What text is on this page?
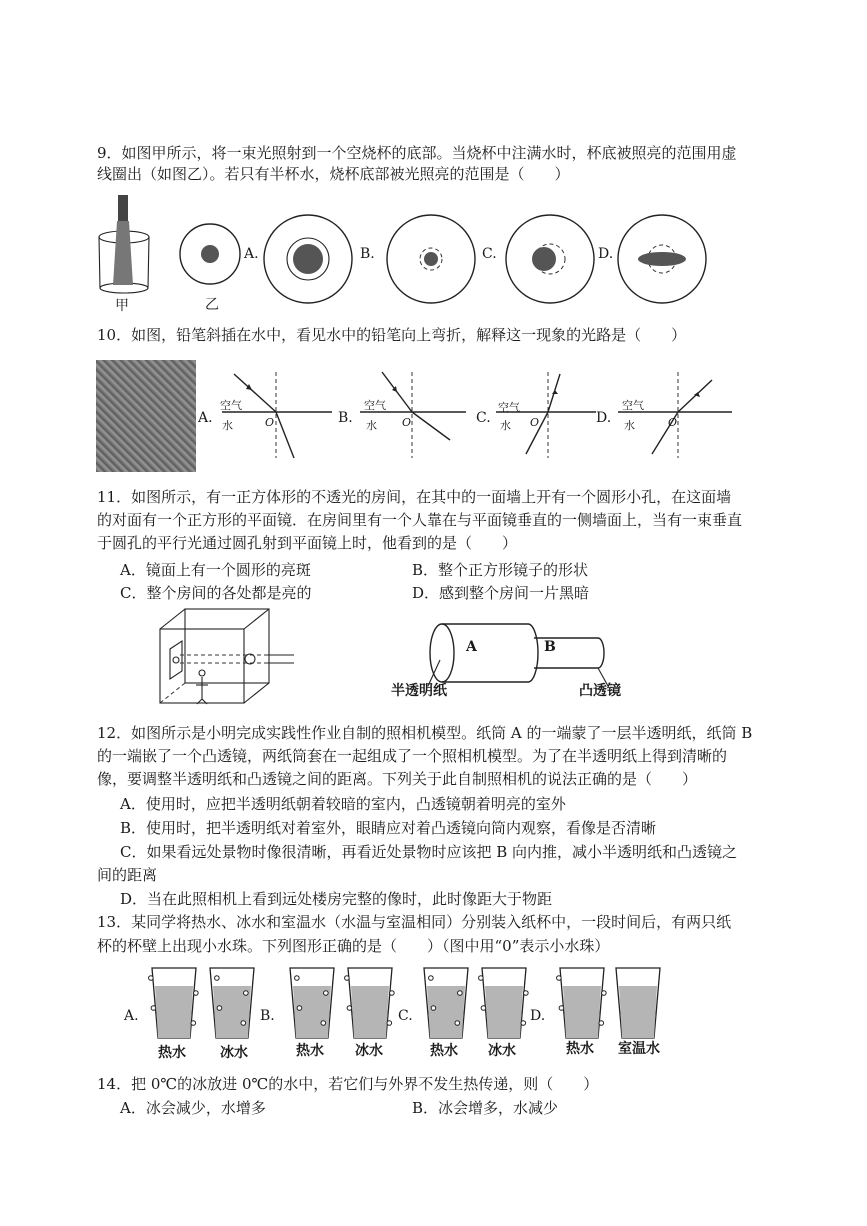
9．如图甲所示，将一束光照射到一个空烧杯的底部。当烧杯中注满水时，杯底被照亮的范围用虚
线圈出（如图乙）。若只有半杯水，烧杯底部被光照亮的范围是（　　）
甲	乙
A.	B.	C.	D.
10．如图，铅笔斜插在水中，看见水中的铅笔向上弯折，解释这一现象的光路是（　　）
A.
空气
水	O	B.
空气
水 O	C.
空气
水 O	D.
空气
水	O
11．如图所示，有一正方体形的不透光的房间，在其中的一面墙上开有一个圆形小孔，在这面墙
的对面有一个正方形的平面镜．在房间里有一个人靠在与平面镜垂直的一侧墙面上，当有一束垂直
于圆孔的平行光通过圆孔射到平面镜上时，他看到的是（　　）
A．镜面上有一个圆形的亮斑	B．整个正方形镜子的形状
C．整个房间的各处都是亮的	D．感到整个房间一片黑暗
A	B
半透明纸	凸透镜
12．如图所示是小明完成实践性作业自制的照相机模型。纸筒 A 的一端蒙了一层半透明纸，纸筒 B
的一端嵌了一个凸透镜，两纸筒套在一起组成了一个照相机模型。为了在半透明纸上得到清晰的
像，要调整半透明纸和凸透镜之间的距离。下列关于此自制照相机的说法正确的是（　　）
A．使用时，应把半透明纸朝着较暗的室内，凸透镜朝着明亮的室外
B．使用时，把半透明纸对着室外，眼睛应对着凸透镜向筒内观察，看像是否清晰
C．如果看远处景物时像很清晰，再看近处景物时应该把 B 向内推，减小半透明纸和凸透镜之
间的距离
D．当在此照相机上看到远处楼房完整的像时，此时像距大于物距
13．某同学将热水、冰水和室温水（水温与室温相同）分别装入纸杯中，一段时间后，有两只纸
杯的杯壁上出现小水珠。下列图形正确的是（　　）（图中用“0”表示小水珠）
A.	B.	C.	D.
热水 冰水	热水 冰水	热水 冰水	热水 室温水
14．把 0℃的冰放进 0℃的水中，若它们与外界不发生热传递，则（　　）
A．冰会减少，水增多	B．冰会增多，水减少
